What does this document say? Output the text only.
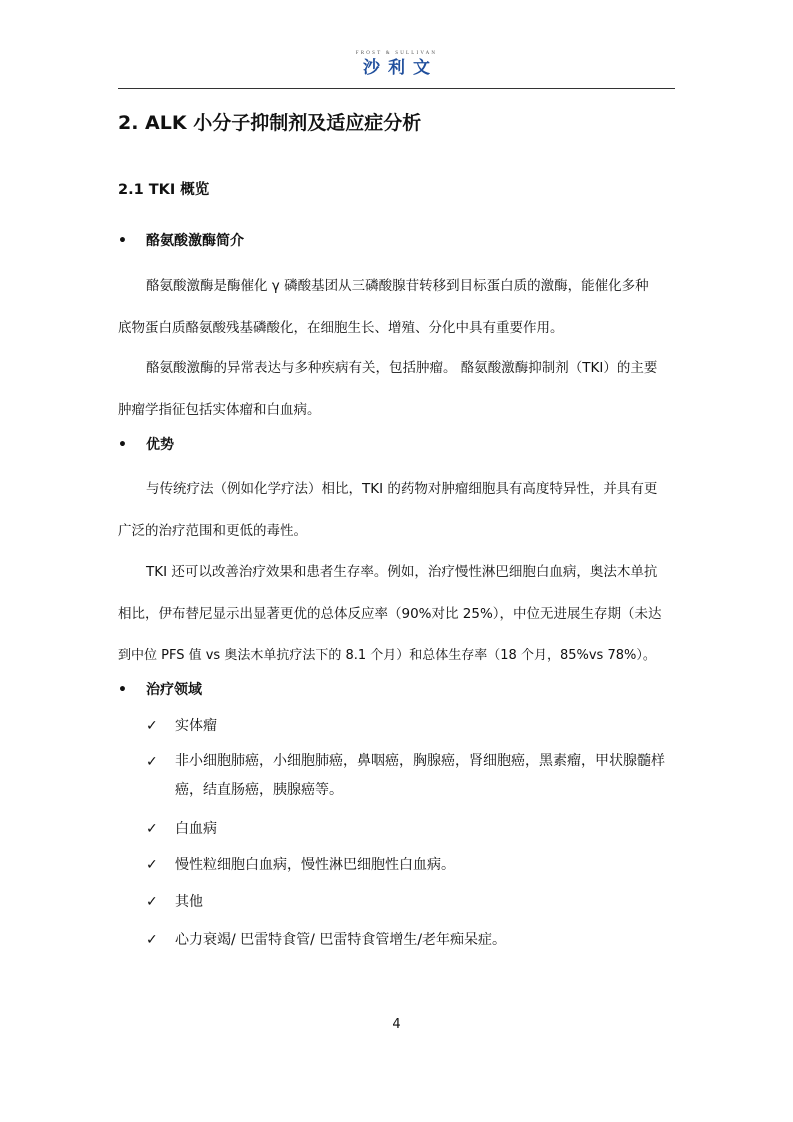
FROST & SULLIVAN
沙利文
2. ALK 小分子抑制剂及适应症分析
2.1 TKI 概览
• 酪氨酸激酶简介
酪氨酸激酶是酶催化 γ 磷酸基团从三磷酸腺苷转移到目标蛋白质的激酶，能催化多种
底物蛋白质酪氨酸残基磷酸化，在细胞生长、增殖、分化中具有重要作用。
酪氨酸激酶的异常表达与多种疾病有关，包括肿瘤。 酪氨酸激酶抑制剂（TKI）的主要
肿瘤学指征包括实体瘤和白血病。
• 优势
与传统疗法（例如化学疗法）相比，TKI 的药物对肿瘤细胞具有高度特异性，并具有更
广泛的治疗范围和更低的毒性。
TKI 还可以改善治疗效果和患者生存率。例如，治疗慢性淋巴细胞白血病，奥法木单抗
相比，伊布替尼显示出显著更优的总体反应率（90%对比 25%），中位无进展生存期（未达
到中位 PFS 值 vs 奥法木单抗疗法下的 8.1 个月）和总体生存率（18 个月，85%vs 78%）。
• 治疗领域
✓	实体瘤
✓	非小细胞肺癌，小细胞肺癌，鼻咽癌，胸腺癌，肾细胞癌，黑素瘤，甲状腺髓样癌，结直肠癌，胰腺癌等。
✓	白血病
✓	慢性粒细胞白血病，慢性淋巴细胞性白血病。
✓	其他
✓	心力衰竭/ 巴雷特食管/ 巴雷特食管增生/老年痴呆症。
4
